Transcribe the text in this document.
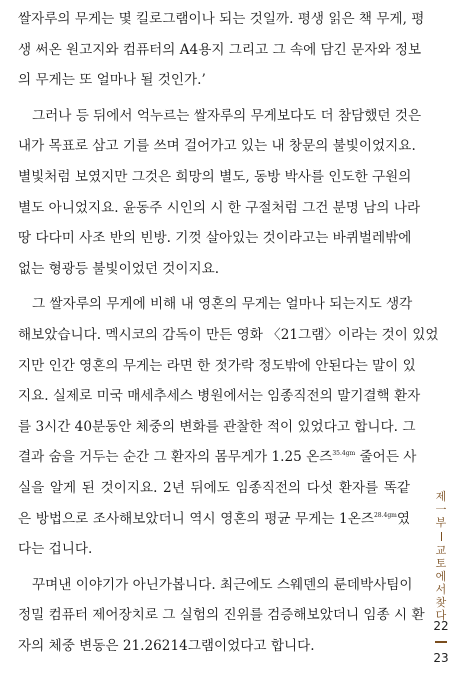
쌀자루의 무게는 몇 킬로그램이나 되는 것일까. 평생 읽은 책 무게, 평
생 써온 원고지와 컴퓨터의 A4용지 그리고 그 속에 담긴 문자와 정보
의 무게는 또 얼마나 될 것인가.’
그러나 등 뒤에서 억누르는 쌀자루의 무게보다도 더 참담했던 것은
내가 목표로 삼고 기를 쓰며 걸어가고 있는 내 창문의 불빛이었지요.
별빛처럼 보였지만 그것은 희망의 별도, 동방 박사를 인도한 구원의
별도 아니었지요. 윤동주 시인의 시 한 구절처럼 그건 분명 남의 나라
땅 다다미 사조 반의 빈방. 기껏 살아있는 것이라고는 바퀴벌레밖에
없는 형광등 불빛이었던 것이지요.
그 쌀자루의 무게에 비해 내 영혼의 무게는 얼마나 되는지도 생각
해보았습니다. 멕시코의 감독이 만든 영화 〈21그램〉이라는 것이 있었
지만 인간 영혼의 무게는 라면 한 젓가락 정도밖에 안된다는 말이 있
지요. 실제로 미국 매세추세스 병원에서는 임종직전의 말기결핵 환자
를 3시간 40분동안 체중의 변화를 관찰한 적이 있었다고 합니다. 그
결과 숨을 거두는 순간 그 환자의 몸무게가 1.25 온즈$^{35.4gm}$ 줄어든 사
실을 알게 된 것이지요. 2년 뒤에도 임종직전의 다섯 환자를 똑같
은 방법으로 조사해보았더니 역시 영혼의 평균 무게는 1온즈$^{28.4gm}$였
다는 겁니다.
꾸며낸 이야기가 아닌가봅니다. 최근에도 스웨덴의 룬데박사팀이
정밀 컴퓨터 제어장치로 그 실험의 진위를 검증해보았더니 임종 시 환
자의 체중 변동은 21.26214그램이었다고 합니다.
제
一
부
교
토
에
서
찾
다
22
23
